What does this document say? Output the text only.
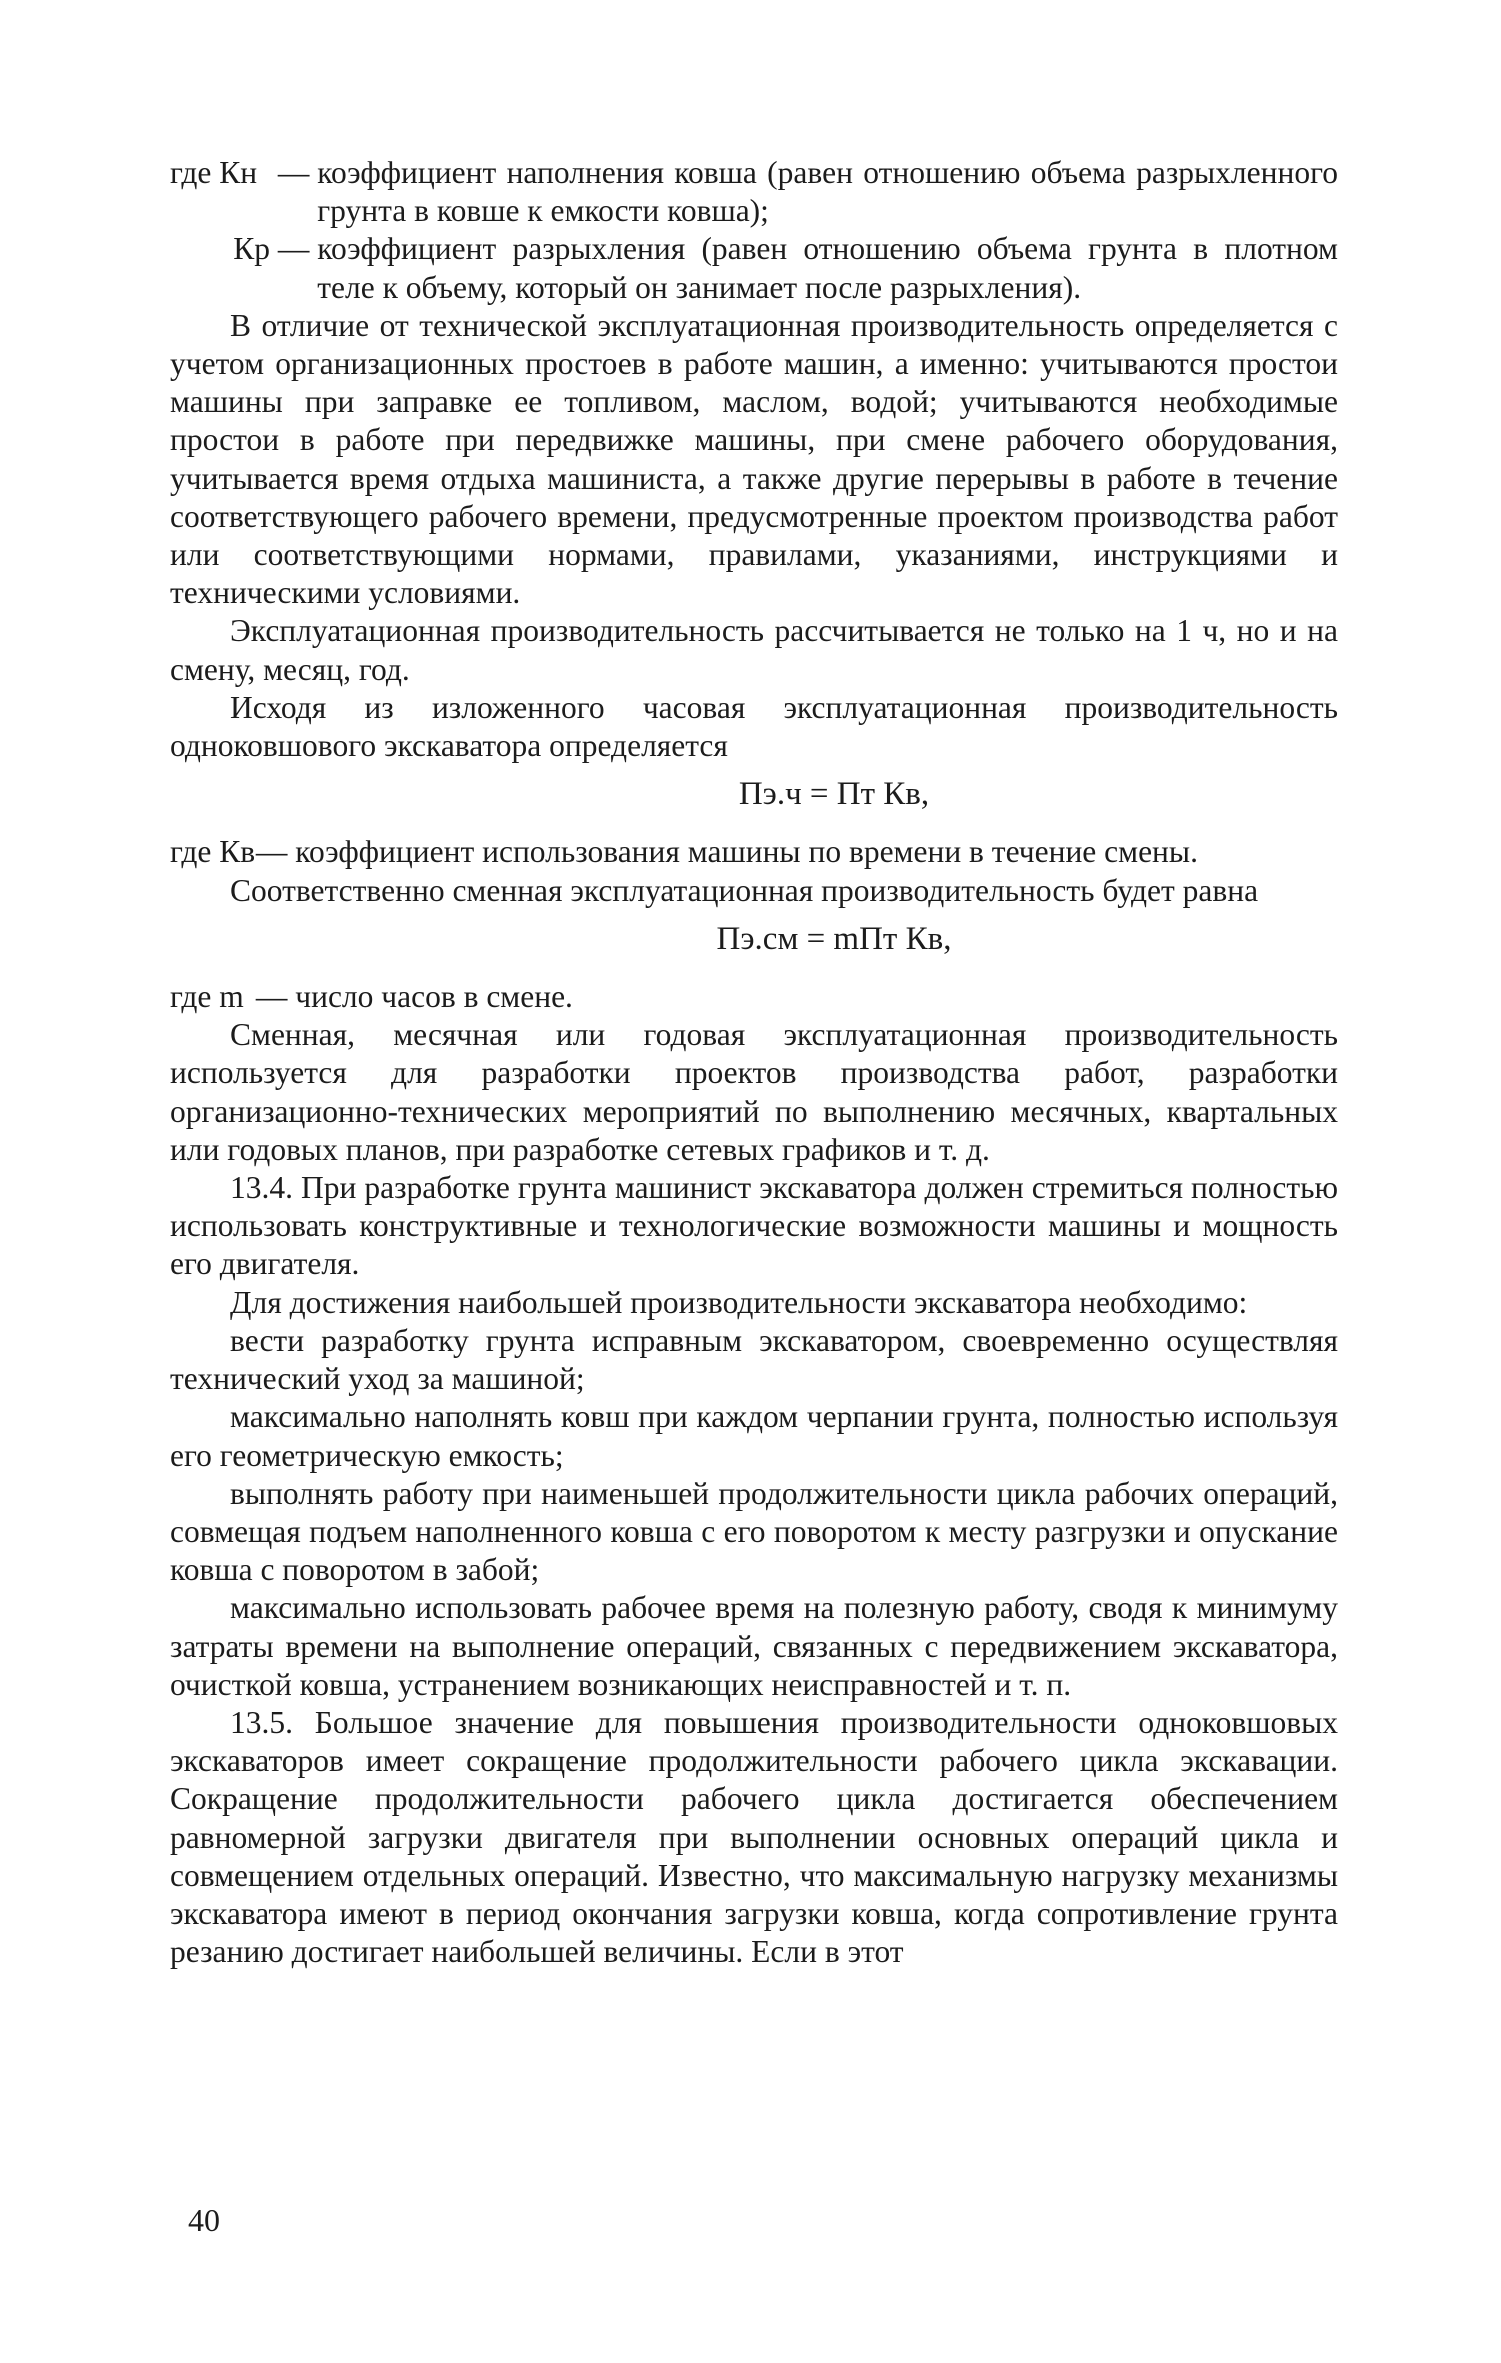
где Кн — коэффициент наполнения ковша (равен отношению объема разрыхленного грунта в ковше к емкости ковша);
Кр — коэффициент разрыхления (равен отношению объема грунта в плотном теле к объему, который он занимает после разрыхления).

В отличие от технической эксплуатационная производительность определяется с учетом организационных простоев в работе машин, а именно: учитываются простои машины при заправке ее топливом, маслом, водой; учитываются необходимые простои в работе при передвижке машины, при смене рабочего оборудования, учитывается время отдыха машиниста, а также другие перерывы в работе в течение соответствующего рабочего времени, предусмотренные проектом производства работ или соответствующими нормами, правилами, указаниями, инструкциями и техническими условиями.

Эксплуатационная производительность рассчитывается не только на 1 ч, но и на смену, месяц, год.

Исходя из изложенного часовая эксплуатационная производительность одноковшового экскаватора определяется

Пэ.ч = Пт Кв,
где Кв
— коэффициент использования машины по времени в течение смены.

Соответственно сменная эксплуатационная производительность будет равна

Пэ.см = mПт Кв,
где m — число часов в смене.

Сменная, месячная или годовая эксплуатационная производительность используется для разработки проектов производства работ, разработки организационно-технических мероприятий по выполнению месячных, квартальных или годовых планов, при разработке сетевых графиков и т. д.

13.4. При разработке грунта машинист экскаватора должен стремиться полностью использовать конструктивные и технологические возможности машины и мощность его двигателя.

Для достижения наибольшей производительности экскаватора необходимо:

вести разработку грунта исправным экскаватором, своевременно осуществляя технический уход за машиной;

максимально наполнять ковш при каждом черпании грунта, полностью используя его геометрическую емкость;

выполнять работу при наименьшей продолжительности цикла рабочих операций, совмещая подъем наполненного ковша с его поворотом к месту разгрузки и опускание ковша с поворотом в забой;

максимально использовать рабочее время на полезную работу, сводя к минимуму затраты времени на выполнение операций, связанных с передвижением экскаватора, очисткой ковша, устранением возникающих неисправностей и т. п.

13.5. Большое значение для повышения производительности одноковшовых экскаваторов имеет сокращение продолжительности рабочего цикла экскавации. Сокращение продолжительности рабочего цикла достигается обеспечением равномерной загрузки двигателя при выполнении основных операций цикла и совмещением отдельных операций. Известно, что максимальную нагрузку механизмы экскаватора имеют в период окончания загрузки ковша, когда сопротивление грунта резанию достигает наибольшей величины. Если в этот

40
